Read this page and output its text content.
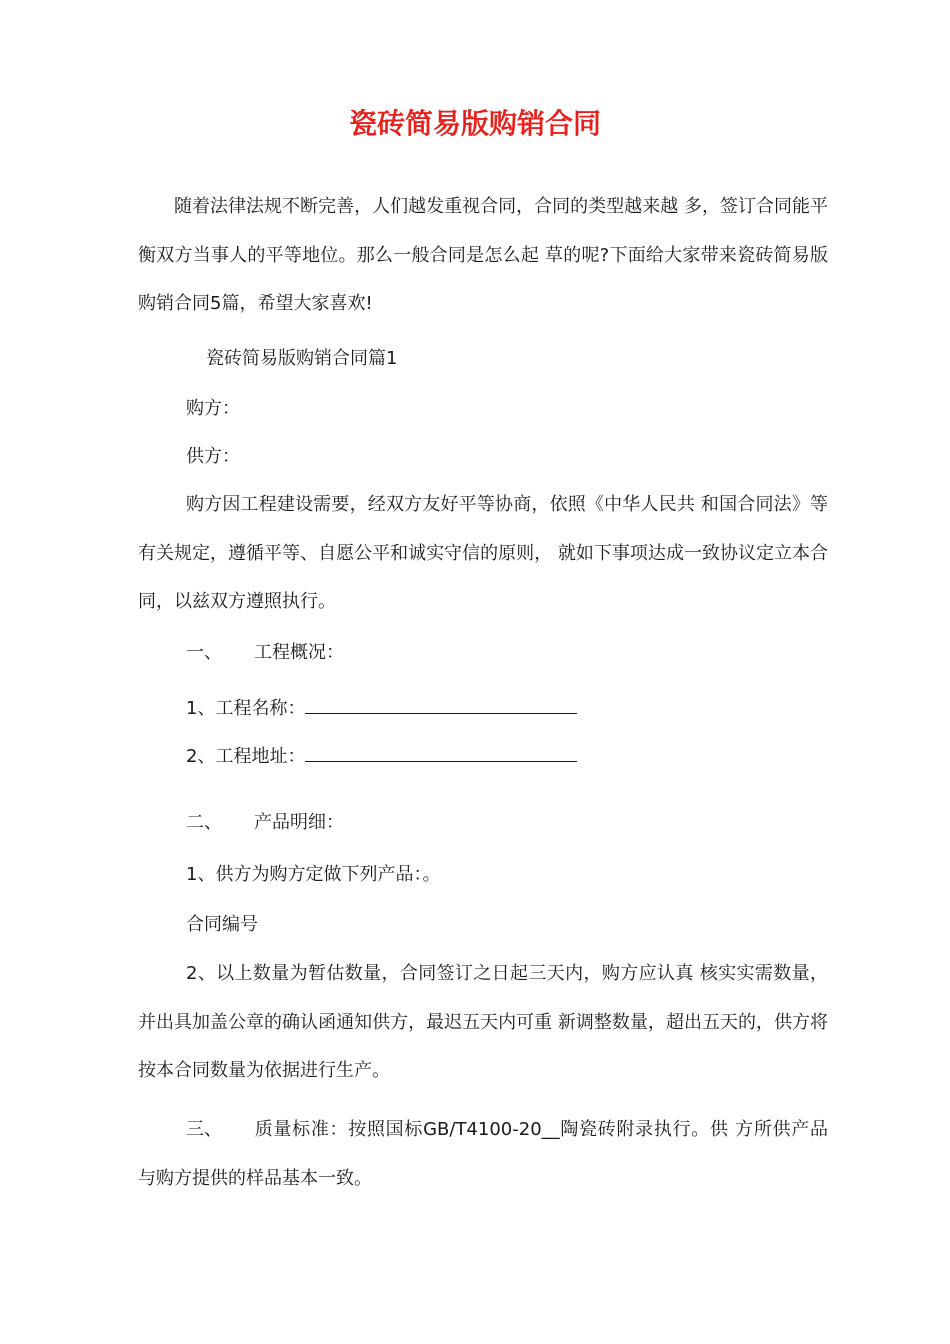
瓷砖简易版购销合同

随着法律法规不断完善，人们越发重视合同，合同的类型越来越 多，签订合同能平衡双方当事人的平等地位。那么一般合同是怎么起 草的呢?下面给大家带来瓷砖简易版购销合同5篇，希望大家喜欢!

瓷砖简易版购销合同篇1

购方：

供方：

购方因工程建设需要，经双方友好平等协商，依照《中华人民共 和国合同法》等有关规定，遵循平等、自愿公平和诚实守信的原则， 就如下事项达成一致协议定立本合同，以兹双方遵照执行。

一、 工程概况：

1、工程名称：

2、工程地址：

二、 产品明细：

1、供方为购方定做下列产品：。

合同编号

2、以上数量为暂估数量，合同签订之日起三天内，购方应认真 核实实需数量，并出具加盖公章的确认函通知供方，最迟五天内可重 新调整数量，超出五天的，供方将按本合同数量为依据进行生产。

三、 质量标准：按照国标GB/T4100-20__陶瓷砖附录执行。供 方所供产品与购方提供的样品基本一致。
